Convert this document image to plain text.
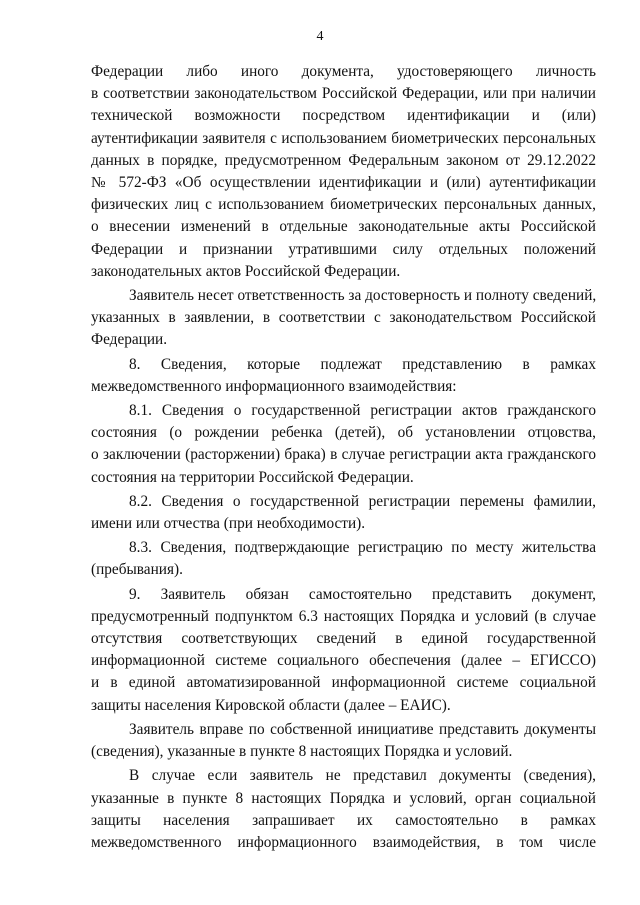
4
Федерации либо иного документа, удостоверяющего личность
в соответствии законодательством Российской Федерации, или при наличии
технической возможности посредством идентификации и (или)
аутентификации заявителя с использованием биометрических персональных
данных в порядке, предусмотренном Федеральным законом от 29.12.2022
№ 572-ФЗ «Об осуществлении идентификации и (или) аутентификации
физических лиц с использованием биометрических персональных данных,
о внесении изменений в отдельные законодательные акты Российской
Федерации и признании утратившими силу отдельных положений
законодательных актов Российской Федерации.
Заявитель несет ответственность за достоверность и полноту сведений,
указанных в заявлении, в соответствии с законодательством Российской
Федерации.
8. Сведения, которые подлежат представлению в рамках
межведомственного информационного взаимодействия:
8.1. Сведения о государственной регистрации актов гражданского
состояния (о рождении ребенка (детей), об установлении отцовства,
о заключении (расторжении) брака) в случае регистрации акта гражданского
состояния на территории Российской Федерации.
8.2. Сведения о государственной регистрации перемены фамилии,
имени или отчества (при необходимости).
8.3. Сведения, подтверждающие регистрацию по месту жительства
(пребывания).
9. Заявитель обязан самостоятельно представить документ,
предусмотренный подпунктом 6.3 настоящих Порядка и условий (в случае
отсутствия соответствующих сведений в единой государственной
информационной системе социального обеспечения (далее – ЕГИССО)
и в единой автоматизированной информационной системе социальной
защиты населения Кировской области (далее – ЕАИС).
Заявитель вправе по собственной инициативе представить документы
(сведения), указанные в пункте 8 настоящих Порядка и условий.
В случае если заявитель не представил документы (сведения),
указанные в пункте 8 настоящих Порядка и условий, орган социальной
защиты населения запрашивает их самостоятельно в рамках
межведомственного информационного взаимодействия, в том числе
